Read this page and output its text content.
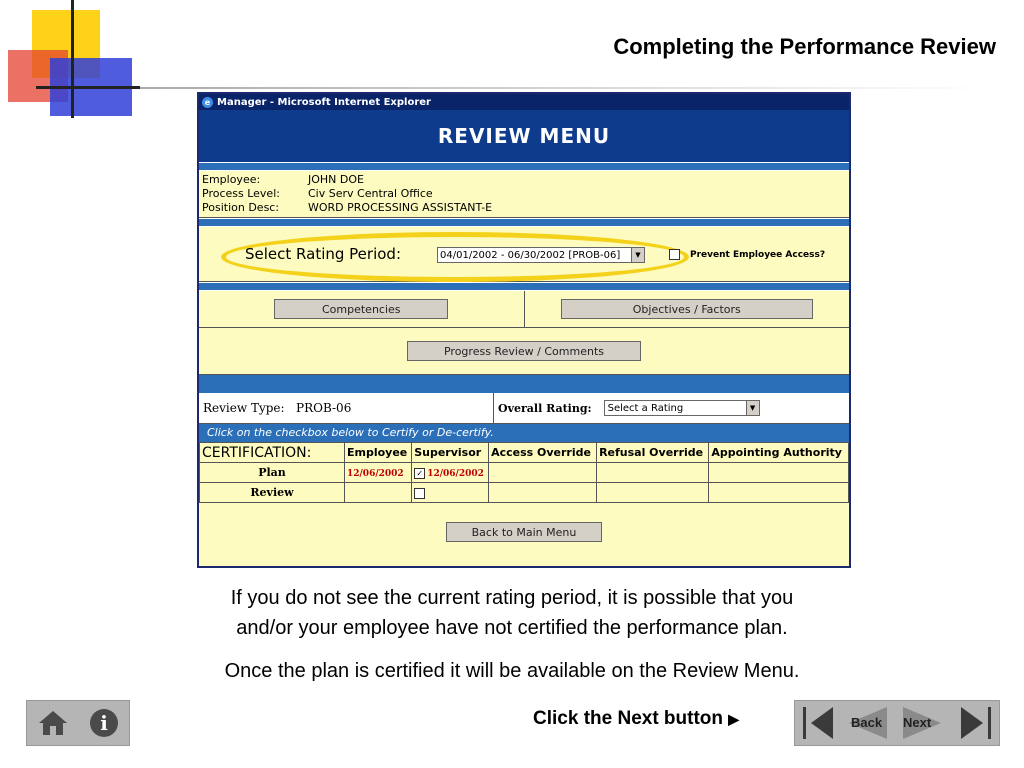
Completing the Performance Review
e Manager - Microsoft Internet Explorer
REVIEW MENU
Employee:	JOHN DOE
Process Level:	Civ Serv Central Office
Position Desc:	WORD PROCESSING ASSISTANT-E
Select Rating Period:	04/01/2002 - 06/30/2002 [PROB-06]	▼	Prevent Employee Access?
Competencies	Objectives / Factors
Progress Review / Comments
Review Type:
PROB-06	Overall Rating:	Select a Rating	▼
Click on the checkbox below to Certify or De-certify.
CERTIFICATION:	Employee	Supervisor	Access Override	Refusal Override	Appointing Authority
Plan	12/06/2002	✓ 12/06/2002			
Review					
Back to Main Menu
If you do not see the current rating period, it is possible that you
and/or your employee have not certified the performance plan.
Once the plan is certified it will be available on the Review Menu.
i	Click the Next button ▶	Back Next
